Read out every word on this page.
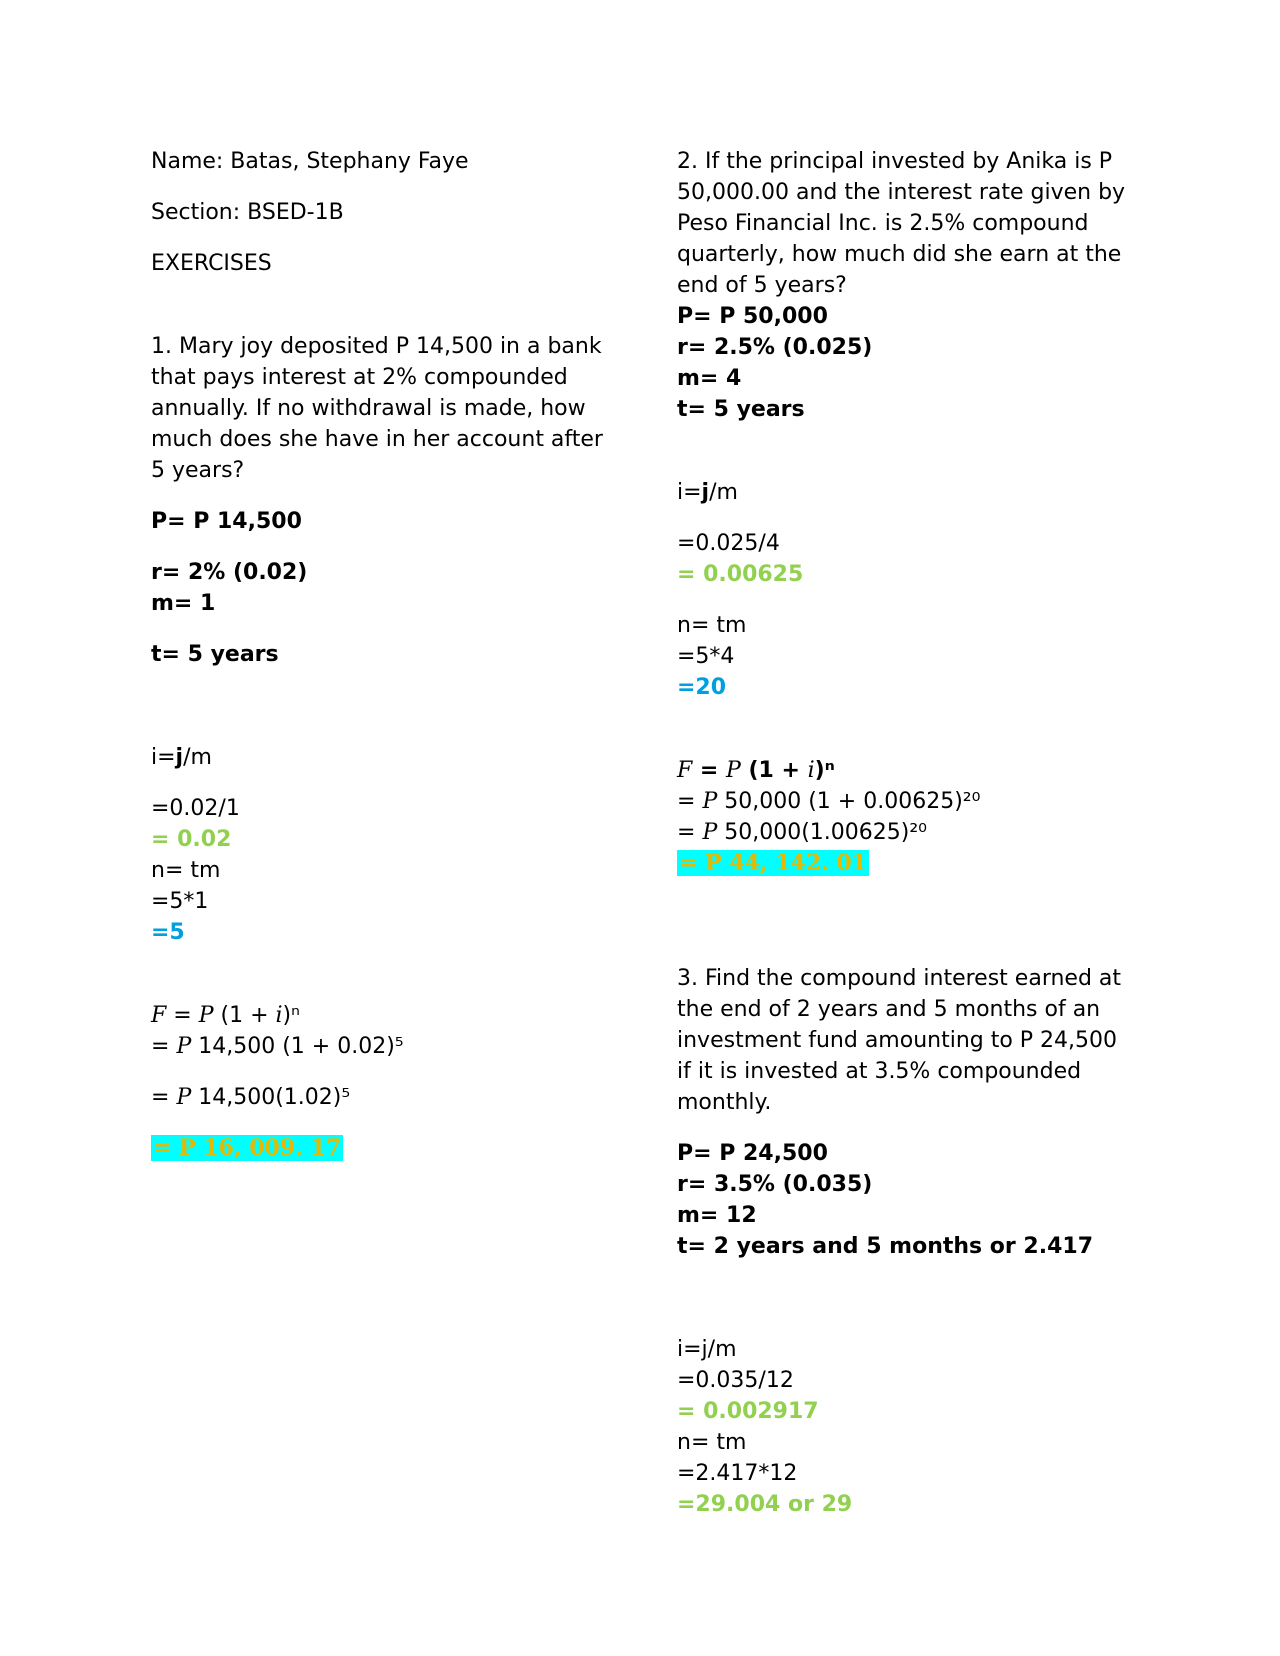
Name: Batas, Stephany Faye
Section: BSED-1B
EXERCISES
1. Mary joy deposited P 14,500 in a bank that pays interest at 2% compounded annually. If no withdrawal is made, how much does she have in her account after 5 years?
P= P 14,500
r= 2% (0.02)
m= 1
t= 5 years
i=j/m
=0.02/1
= 0.02
n= tm
=5*1
=5
F = P (1 + i)ⁿ
= P 14,500 (1 + 0.02)⁵
= P 14,500(1.02)⁵
= P 16, 009. 17
2. If the principal invested by Anika is P 50,000.00 and the interest rate given by Peso Financial Inc. is 2.5% compound quarterly, how much did she earn at the end of 5 years?
P= P 50,000
r= 2.5% (0.025)
m= 4
t= 5 years
i=j/m
=0.025/4
= 0.00625
n= tm
=5*4
=20
F = P (1 + i)ⁿ
= P 50,000 (1 + 0.00625)²⁰
= P 50,000(1.00625)²⁰
= P 44, 142. 01
3. Find the compound interest earned at the end of 2 years and 5 months of an investment fund amounting to P 24,500 if it is invested at 3.5% compounded monthly.
P= P 24,500
r= 3.5% (0.035)
m= 12
t= 2 years and 5 months or 2.417
i=j/m
=0.035/12
= 0.002917
n= tm
=2.417*12
=29.004 or 29
